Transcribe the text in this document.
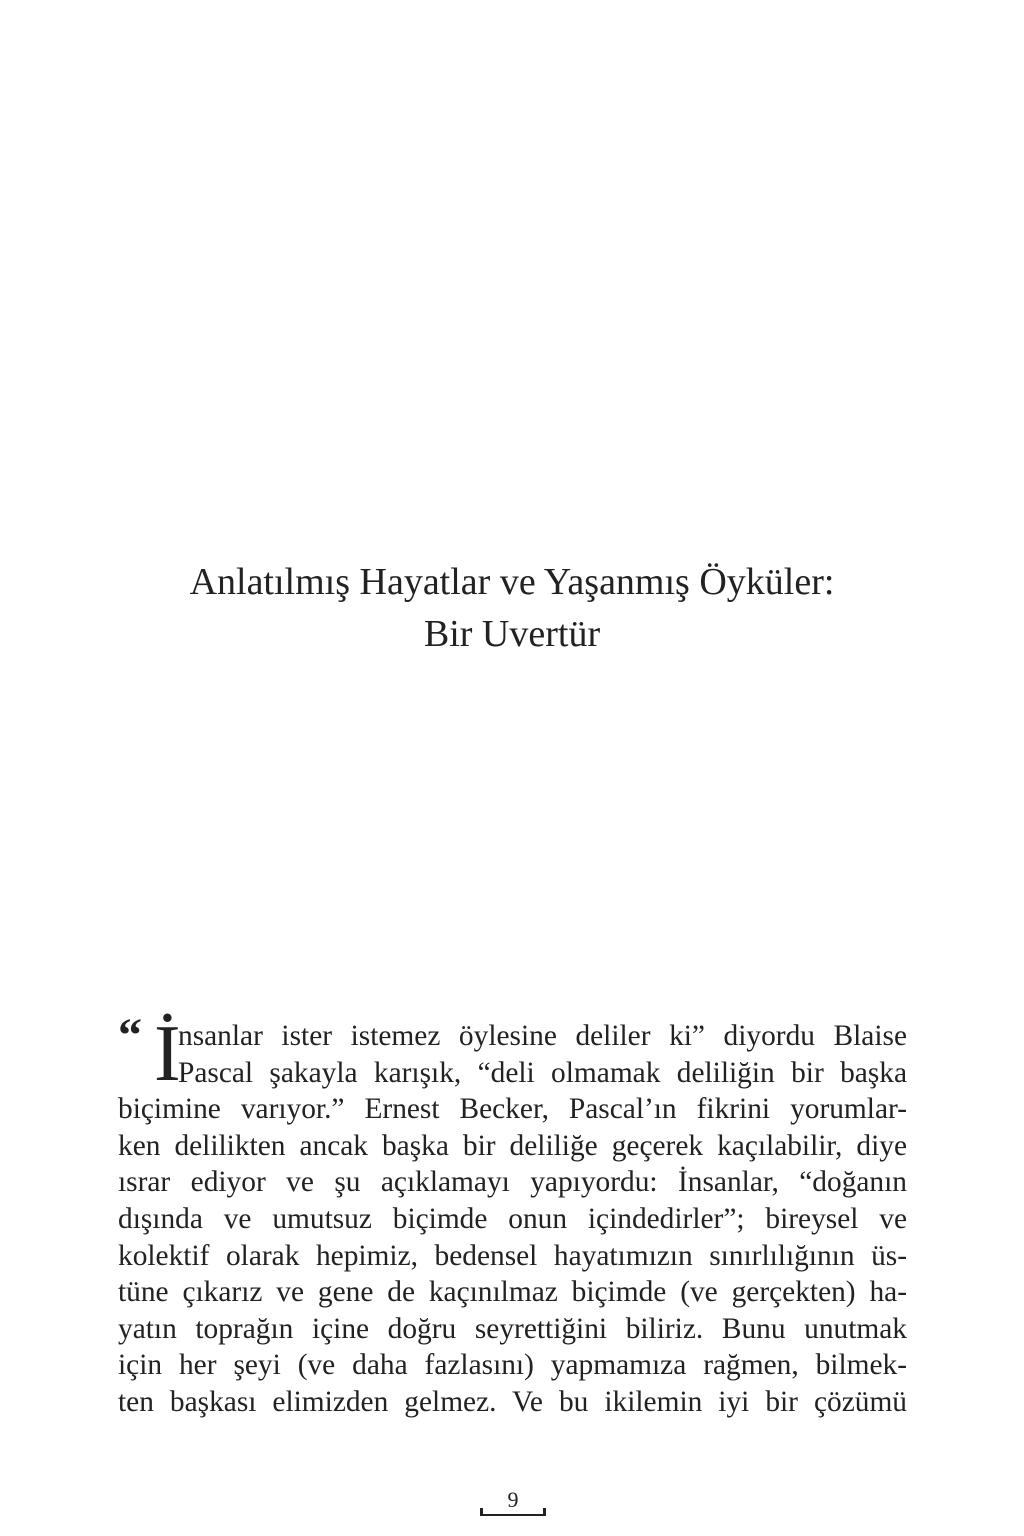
Anlatılmış Hayatlar ve Yaşanmış Öyküler:
Bir Uvertür
“ İ
nsanlar ister istemez öylesine deliler ki” diyordu Blaise
Pascal şakayla karışık, “deli olmamak deliliğin bir başka
biçimine varıyor.” Ernest Becker, Pascal’ın fikrini yorumlar-
ken delilikten ancak başka bir deliliğe geçerek kaçılabilir, diye
ısrar ediyor ve şu açıklamayı yapıyordu: İnsanlar, “doğanın
dışında ve umutsuz biçimde onun içindedirler”; bireysel ve
kolektif olarak hepimiz, bedensel hayatımızın sınırlılığının üs-
tüne çıkarız ve gene de kaçınılmaz biçimde (ve gerçekten) ha-
yatın toprağın içine doğru seyrettiğini biliriz. Bunu unutmak
için her şeyi (ve daha fazlasını) yapmamıza rağmen, bilmek-
ten başkası elimizden gelmez. Ve bu ikilemin iyi bir çözümü
9
